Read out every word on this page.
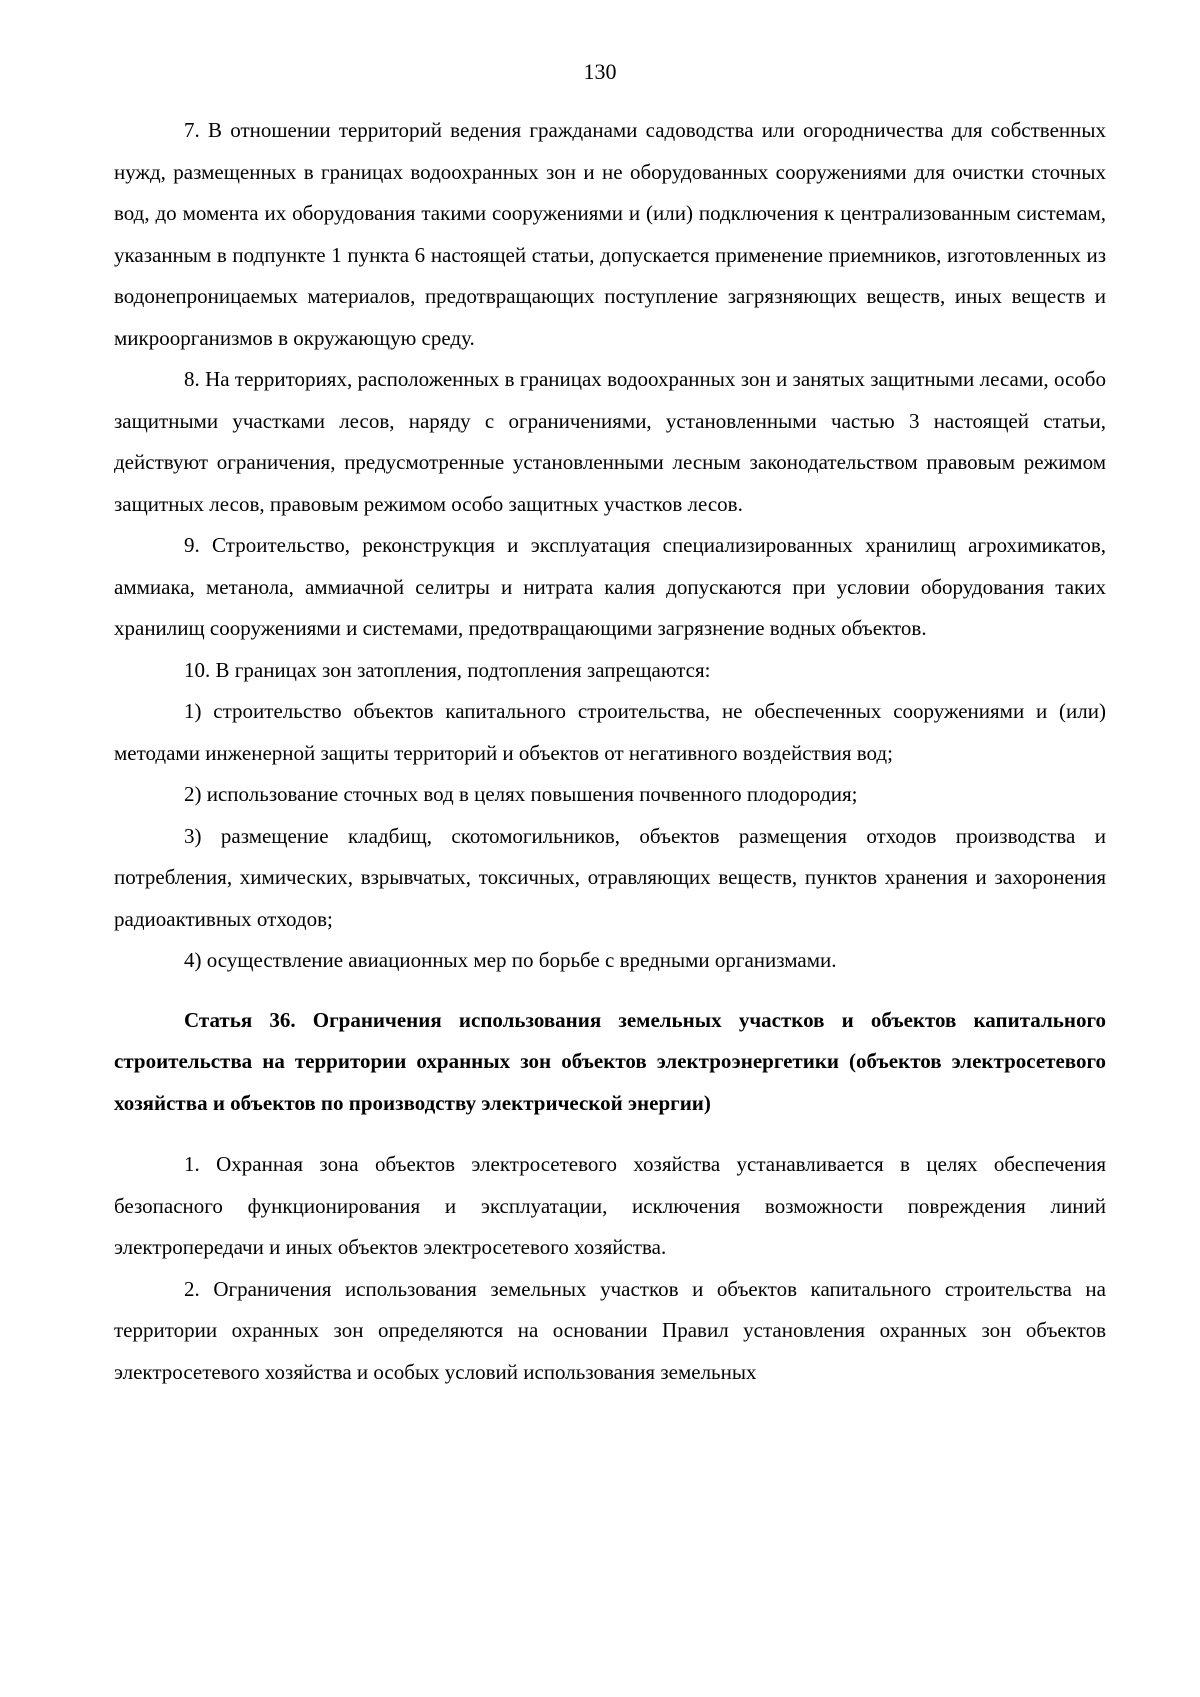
130

7. В отношении территорий ведения гражданами садоводства или огородничества для собственных нужд, размещенных в границах водоохранных зон и не оборудованных сооружениями для очистки сточных вод, до момента их оборудования такими сооружениями и (или) подключения к централизованным системам, указанным в подпункте 1 пункта 6 настоящей статьи, допускается применение приемников, изготовленных из водонепроницаемых материалов, предотвращающих поступление загрязняющих веществ, иных веществ и микроорганизмов в окружающую среду.

8. На территориях, расположенных в границах водоохранных зон и занятых защитными лесами, особо защитными участками лесов, наряду с ограничениями, установленными частью 3 настоящей статьи, действуют ограничения, предусмотренные установленными лесным законодательством правовым режимом защитных лесов, правовым режимом особо защитных участков лесов.

9. Строительство, реконструкция и эксплуатация специализированных хранилищ агрохимикатов, аммиака, метанола, аммиачной селитры и нитрата калия допускаются при условии оборудования таких хранилищ сооружениями и системами, предотвращающими загрязнение водных объектов.

10. В границах зон затопления, подтопления запрещаются:

1) строительство объектов капитального строительства, не обеспеченных сооружениями и (или) методами инженерной защиты территорий и объектов от негативного воздействия вод;

2) использование сточных вод в целях повышения почвенного плодородия;

3) размещение кладбищ, скотомогильников, объектов размещения отходов производства и потребления, химических, взрывчатых, токсичных, отравляющих веществ, пунктов хранения и захоронения радиоактивных отходов;

4) осуществление авиационных мер по борьбе с вредными организмами.

Статья 36. Ограничения использования земельных участков и объектов капитального строительства на территории охранных зон объектов электроэнергетики (объектов электросетевого хозяйства и объектов по производству электрической энергии)

1. Охранная зона объектов электросетевого хозяйства устанавливается в целях обеспечения безопасного функционирования и эксплуатации, исключения возможности повреждения линий электропередачи и иных объектов электросетевого хозяйства.

2. Ограничения использования земельных участков и объектов капитального строительства на территории охранных зон определяются на основании Правил установления охранных зон объектов электросетевого хозяйства и особых условий использования земельных
